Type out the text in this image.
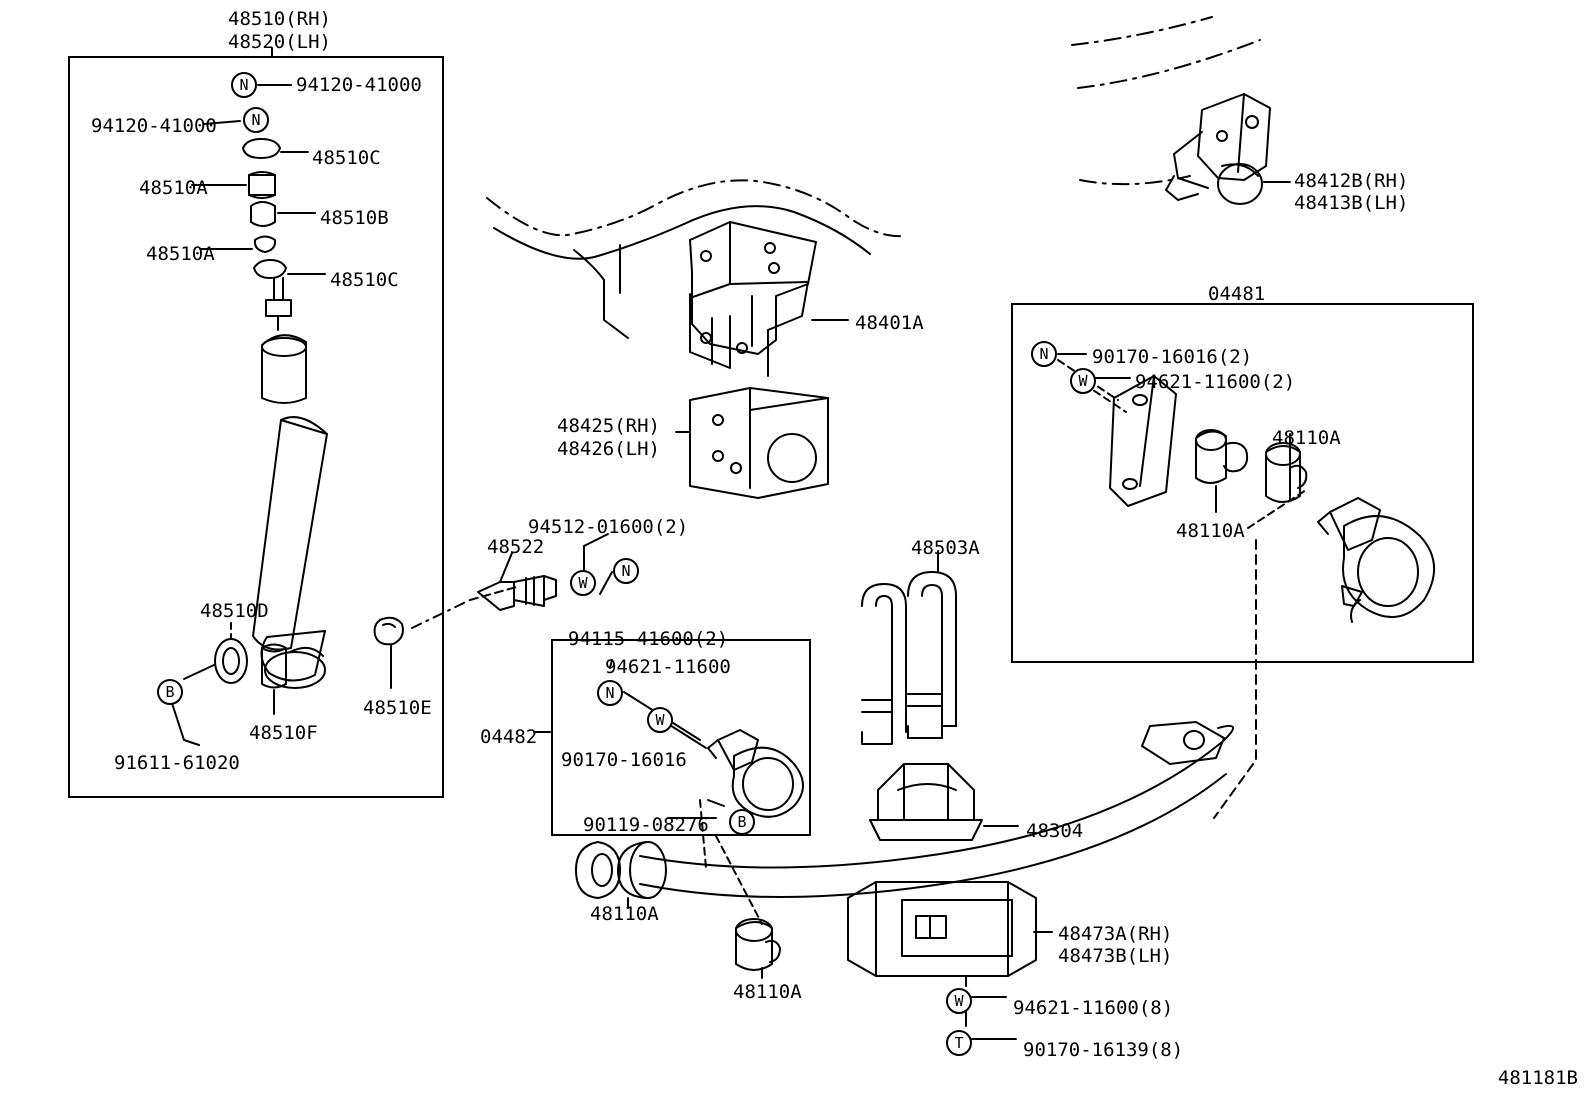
N
N
B
W
N
N
W
B
N
W
W
T
48510(RH)
48520(LH)
94120-41000
94120-41000
48510C
48510A
48510B
48510A
48510C
48510D
48510F
48510E
91611-61020
48401A
48425(RH)
48426(LH)
48412B(RH)
48413B(LH)
04481
90170-16016(2)
94621-11600(2)
48110A
48110A
48522
94512-01600(2)
94115-41600(2)
94621-11600
04482
90170-16016
90119-08276
48503A
48304
48110A
48110A
48473A(RH)
48473B(LH)
94621-11600(8)
90170-16139(8)
481181B
